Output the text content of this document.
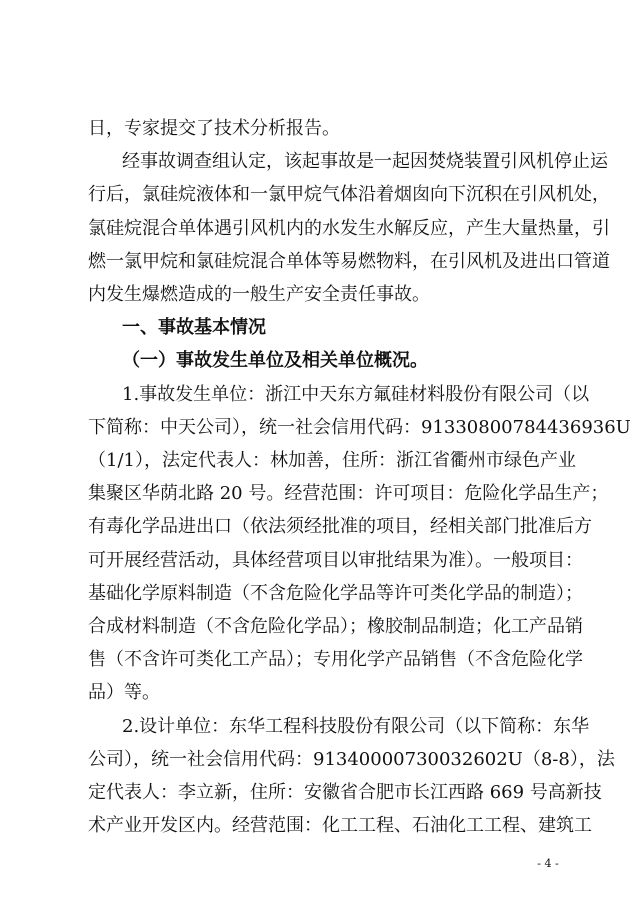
日，专家提交了技术分析报告。
经事故调查组认定，该起事故是一起因焚烧装置引风机停止运
行后，氯硅烷液体和一氯甲烷气体沿着烟囱向下沉积在引风机处，
氯硅烷混合单体遇引风机内的水发生水解反应，产生大量热量，引
燃一氯甲烷和氯硅烷混合单体等易燃物料，在引风机及进出口管道
内发生爆燃造成的一般生产安全责任事故。
一、事故基本情况
（一）事故发生单位及相关单位概况。
1.事故发生单位：浙江中天东方氟硅材料股份有限公司（以
下简称：中天公司），统一社会信用代码：91330800784436936U
（1/1），法定代表人：林加善，住所：浙江省衢州市绿色产业
集聚区华荫北路 20 号。经营范围：许可项目：危险化学品生产；
有毒化学品进出口（依法须经批准的项目，经相关部门批准后方
可开展经营活动，具体经营项目以审批结果为准）。一般项目：
基础化学原料制造（不含危险化学品等许可类化学品的制造）；
合成材料制造（不含危险化学品）；橡胶制品制造；化工产品销
售（不含许可类化工产品）；专用化学产品销售（不含危险化学
品）等。
2.设计单位：东华工程科技股份有限公司（以下简称：东华
- 4 -
公司），统一社会信用代码：91340000730032602U（8-8），法
定代表人：李立新，住所：安徽省合肥市长江西路 669 号高新技
术产业开发区内。经营范围：化工工程、石油化工工程、建筑工
